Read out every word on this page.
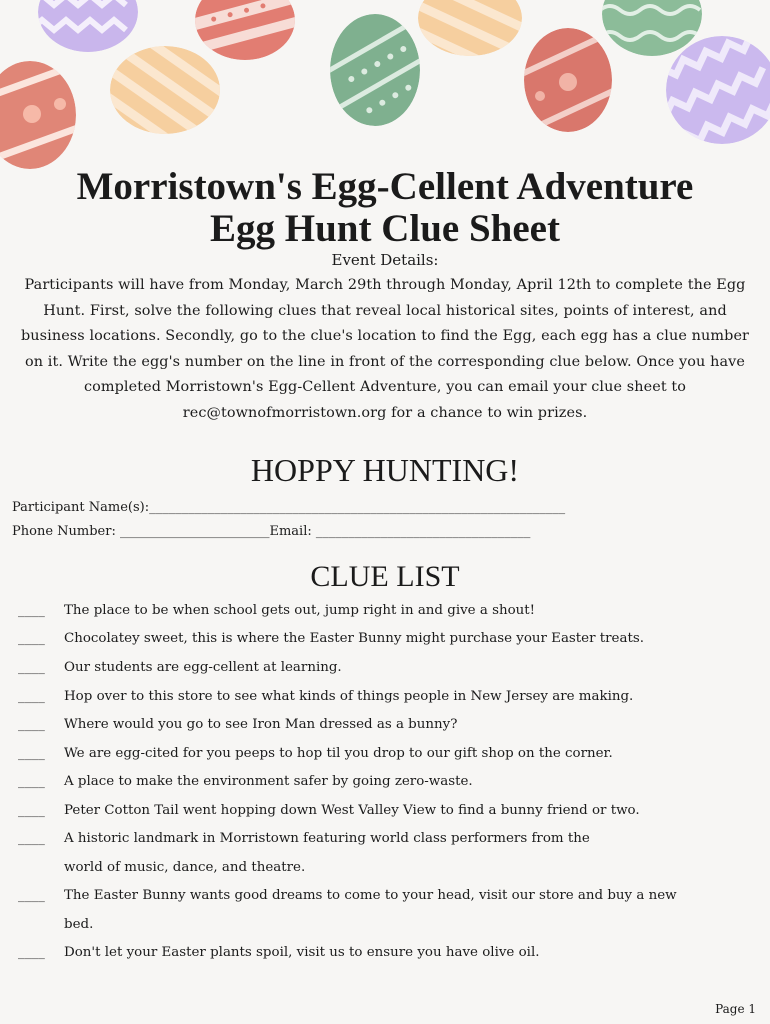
Morristown's Egg-Cellent Adventure
Egg Hunt Clue Sheet
Event Details:
Participants will have from Monday, March 29th through Monday, April 12th to complete the Egg Hunt. First, solve the following clues that reveal local historical sites, points of interest, and business locations. Secondly, go to the clue's location to find the Egg, each egg has a clue number on it. Write the egg's number on the line in front of the corresponding clue below. Once you have completed Morristown's Egg-Cellent Adventure, you can email your clue sheet to rec@townofmorristown.org for a chance to win prizes.
HOPPY HUNTING!
Participant Name(s):________________________________________________________________
Phone Number: _______________________Email: _________________________________
CLUE LIST
____ The place to be when school gets out, jump right in and give a shout!
____ Chocolatey sweet, this is where the Easter Bunny might purchase your Easter treats.
____ Our students are egg-cellent at learning.
____ Hop over to this store to see what kinds of things people in New Jersey are making.
____ Where would you go to see Iron Man dressed as a bunny?
____ We are egg-cited for you peeps to hop til you drop to our gift shop on the corner.
____ A place to make the environment safer by going zero-waste.
____ Peter Cotton Tail went hopping down West Valley View to find a bunny friend or two.
____ A historic landmark in Morristown featuring world class performers from the
world of music, dance, and theatre.
____ The Easter Bunny wants good dreams to come to your head, visit our store and buy a new
bed.
____ Don't let your Easter plants spoil, visit us to ensure you have olive oil.
Page 1
